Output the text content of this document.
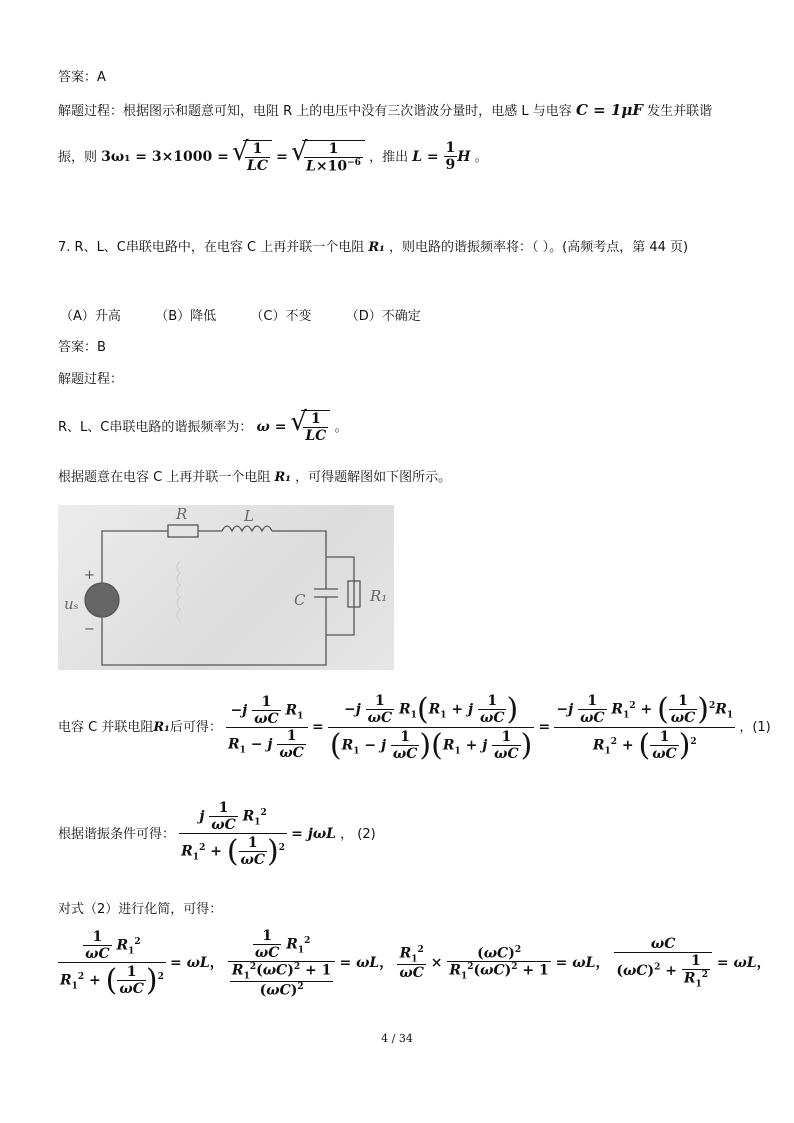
答案：A
解题过程：根据图示和题意可知，电阻 R 上的电压中没有三次谐波分量时，电感 L 与电容 C = 1μF 发生并联谐
振，则 3ω₁ = 3×1000 = √ $\frac{1}{LC}$ = √ $\frac{1}{L\times 10^{-6}}$ ，推出 $L = \frac{1}{9}$ H 。
7. R、L、C串联电路中，在电容 C 上再并联一个电阻 R₁ ，则电路的谐振频率将：（ ）。(高频考点，第 44 页)
（A）升高	（B）降低	（C）不变	（D）不确定
答案：B
解题过程：
R、L、C串联电路的谐振频率为： ω = √ $\frac{1}{LC}$ 。
根据题意在电容 C 上再并联一个电阻 R₁ ，可得题解图如下图所示。
R	L
C	R₁
uₛ
+
−
电容 C 并联电阻R₁后可得： $\frac{-j \frac{1}{\omega C} R_1}{R_1 - j \frac{1}{\omega C}} = \frac{-j \frac{1}{\omega C} R_1(R_1 + j \frac{1}{\omega C} )}{(R_1 - j \frac{1}{\omega C} )(R_1 + j \frac{1}{\omega C} )} = \frac{-j \frac{1}{\omega C} R_1^2 + ( \frac{1}{\omega C} )^2R_1}{R_1^2 + ( \frac{1}{\omega C} )^2}$ ，(1)
根据谐振条件可得： $\frac{j \frac{1}{\omega C} R_1^2}{R_1^2 + ( \frac{1}{\omega C} )^2} = j\omega L$ ， (2)
对式（2）进行化简，可得：
$\frac{\frac{1}{\omega C} R_1^2}{R_1^2 + ( \frac{1}{\omega C} )^2} = \omega L$， $\frac{\frac{1}{\omega C} R_1^2}{\frac{R_1^2(\omega C)^2 + 1}{(\omega C)^2}} = \omega L$， $\frac{R_1^2}{\omega C} \times \frac{(\omega C)^2}{R_1^2(\omega C)^2 + 1} = \omega L$， $\frac{\omega C}{(\omega C)^2 + \frac{1}{R_1^2}} = \omega L$，
4 / 34
